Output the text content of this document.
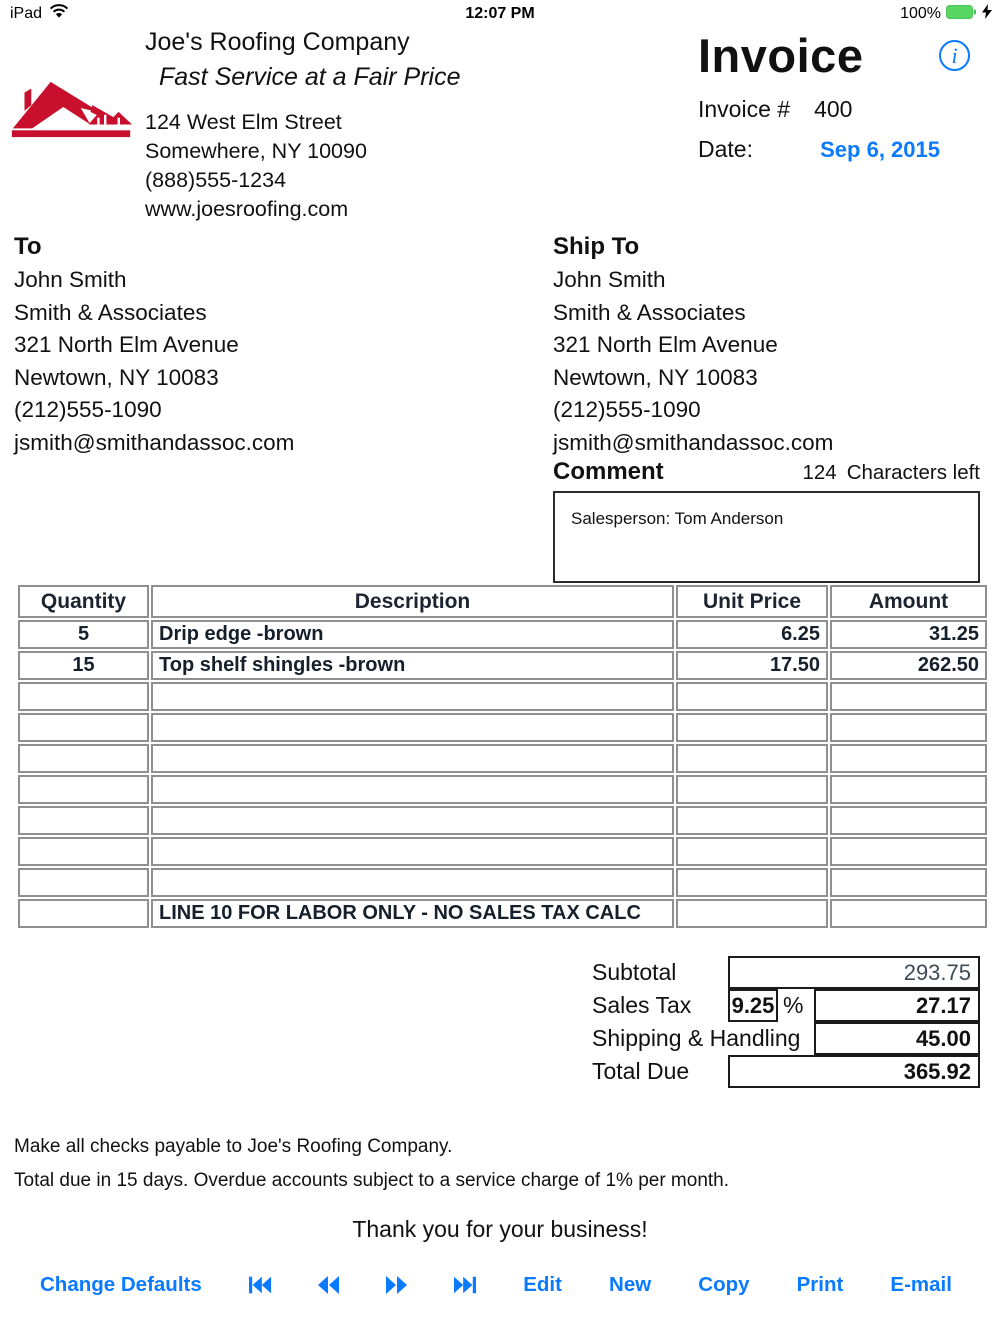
iPad	12:07 PM	100%
Joe's Roofing Company
Fast Service at a Fair Price
124 West Elm Street
Somewhere, NY 10090
(888)555-1234
www.joesroofing.com
Invoice	i
Invoice # 400
Date:	Sep 6, 2015
To
John Smith
Smith & Associates
321 North Elm Avenue
Newtown, NY 10083
(212)555-1090
jsmith@smithandassoc.com
Ship To
John Smith
Smith & Associates
321 North Elm Avenue
Newtown, NY 10083
(212)555-1090
jsmith@smithandassoc.com
Comment	124 Characters left
Salesperson: Tom Anderson
Quantity	Description	Unit Price	Amount
5	Drip edge -brown	6.25	31.25
15	Top shelf shingles -brown	17.50	262.50

	LINE 10 FOR LABOR ONLY - NO SALES TAX CALC		
Subtotal	293.75
Sales Tax	9.25 %	27.17
Shipping & Handling	45.00
Total Due	365.92
Make all checks payable to Joe's Roofing Company.
Total due in 15 days. Overdue accounts subject to a service charge of 1% per month.
Thank you for your business!
Change Defaults	Edit New Copy Print E-mail
